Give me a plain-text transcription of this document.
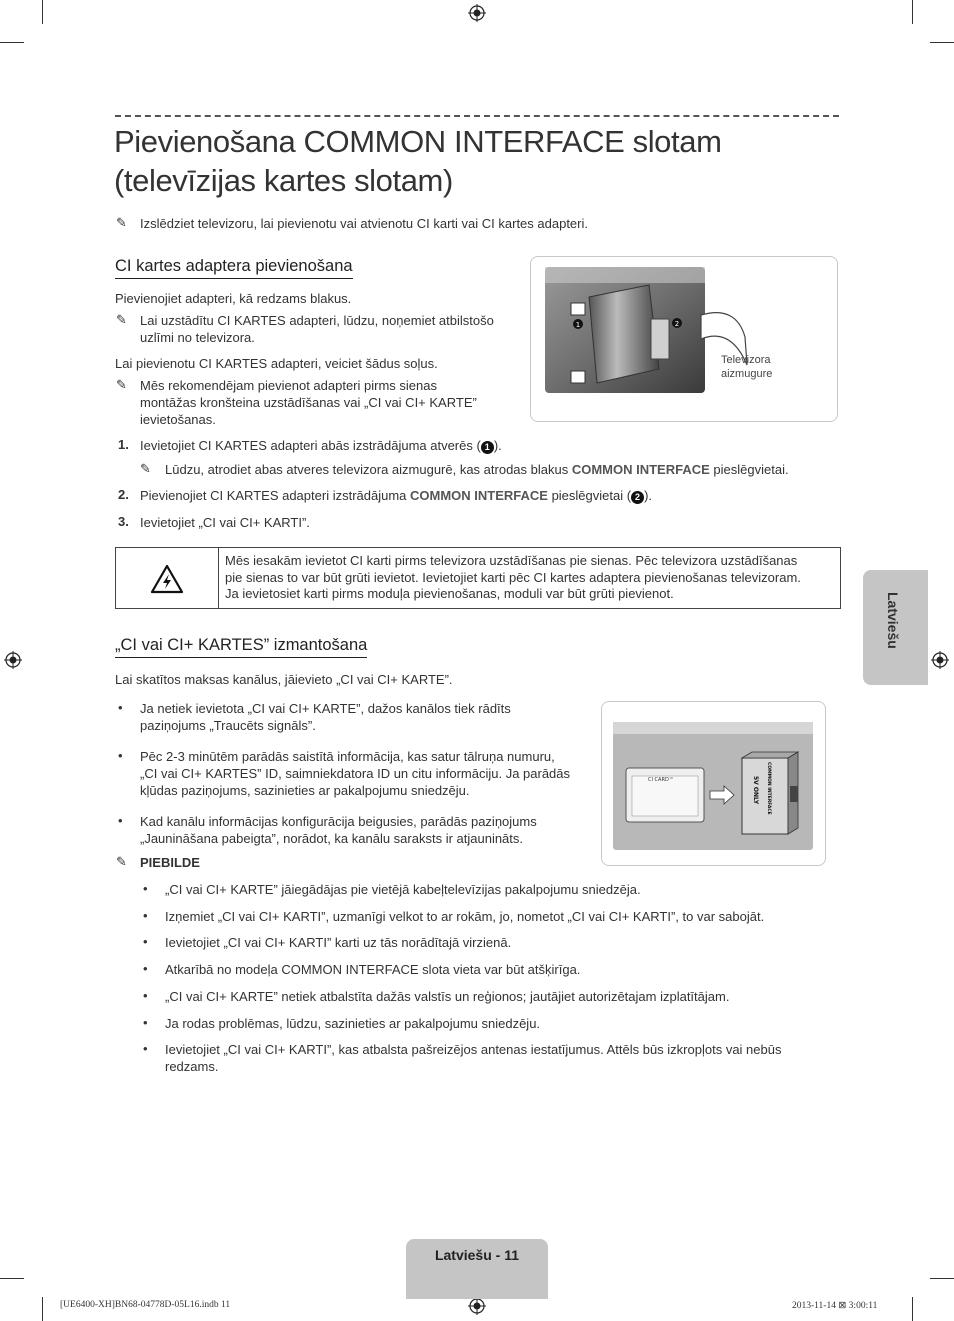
Pievienošana COMMON INTERFACE slotam
(televīzijas kartes slotam)
✎ Izslēdziet televizoru, lai pievienotu vai atvienotu CI karti vai CI kartes adapteri.
CI kartes adaptera pievienošana
Pievienojiet adapteri, kā redzams blakus.
✎ Lai uzstādītu CI KARTES adapteri, lūdzu, noņemiet atbilstošo
uzlīmi no televizora.
Lai pievienotu CI KARTES adapteri, veiciet šādus soļus.
✎ Mēs rekomendējam pievienot adapteri pirms sienas
montāžas kronšteina uzstādīšanas vai „CI vai CI+ KARTE”
ievietošanas.
1	2
Televizora
aizmugure
1. Ievietojiet CI KARTES adapteri abās izstrādājuma atverēs ( 1 ).
✎ Lūdzu, atrodiet abas atveres televizora aizmugurē, kas atrodas blakus COMMON INTERFACE pieslēgvietai.
2. Pievienojiet CI KARTES adapteri izstrādājuma COMMON INTERFACE pieslēgvietai ( 2 ).
3. Ievietojiet „CI vai CI+ KARTI”.
Mēs iesakām ievietot CI karti pirms televizora uzstādīšanas pie sienas. Pēc televizora uzstādīšanas
pie sienas to var būt grūti ievietot. Ievietojiet karti pēc CI kartes adaptera pievienošanas televizoram.
Ja ievietosiet karti pirms moduļa pievienošanas, moduli var būt grūti pievienot.	Latviešu
„CI vai CI+ KARTES” izmantošana
Lai skatītos maksas kanālus, jāievieto „CI vai CI+ KARTE”.
• Ja netiek ievietota „CI vai CI+ KARTE”, dažos kanālos tiek rādīts
paziņojums „Traucēts signāls”.
• Pēc 2-3 minūtēm parādās saistītā informācija, kas satur tālruņa numuru,
„CI vai CI+ KARTES” ID, saimniekdatora ID un citu informāciju. Ja parādās
kļūdas paziņojums, sazinieties ar pakalpojumu sniedzēju.
• Kad kanālu informācijas konfigurācija beigusies, parādās paziņojums
„Jaunināšana pabeigta”, norādot, ka kanālu saraksts ir atjaunināts.
CI CARD™	COMMON INTERFACE
5V ONLY
✎ PIEBILDE
• „CI vai CI+ KARTE” jāiegādājas pie vietējā kabeļtelevīzijas pakalpojumu sniedzēja.
• Izņemiet „CI vai CI+ KARTI”, uzmanīgi velkot to ar rokām, jo, nometot „CI vai CI+ KARTI”, to var sabojāt.
• Ievietojiet „CI vai CI+ KARTI” karti uz tās norādītajā virzienā.
• Atkarībā no modeļa COMMON INTERFACE slota vieta var būt atšķirīga.
• „CI vai CI+ KARTE” netiek atbalstīta dažās valstīs un reģionos; jautājiet autorizētajam izplatītājam.
• Ja rodas problēmas, lūdzu, sazinieties ar pakalpojumu sniedzēju.
• Ievietojiet „CI vai CI+ KARTI”, kas atbalsta pašreizējos antenas iestatījumus. Attēls būs izkropļots vai nebūs
redzams.
Latviešu - 11
[UE6400-XH]BN68-04778D-05L16.indb 11	2013-11-14 ⊠ 3:00:11
